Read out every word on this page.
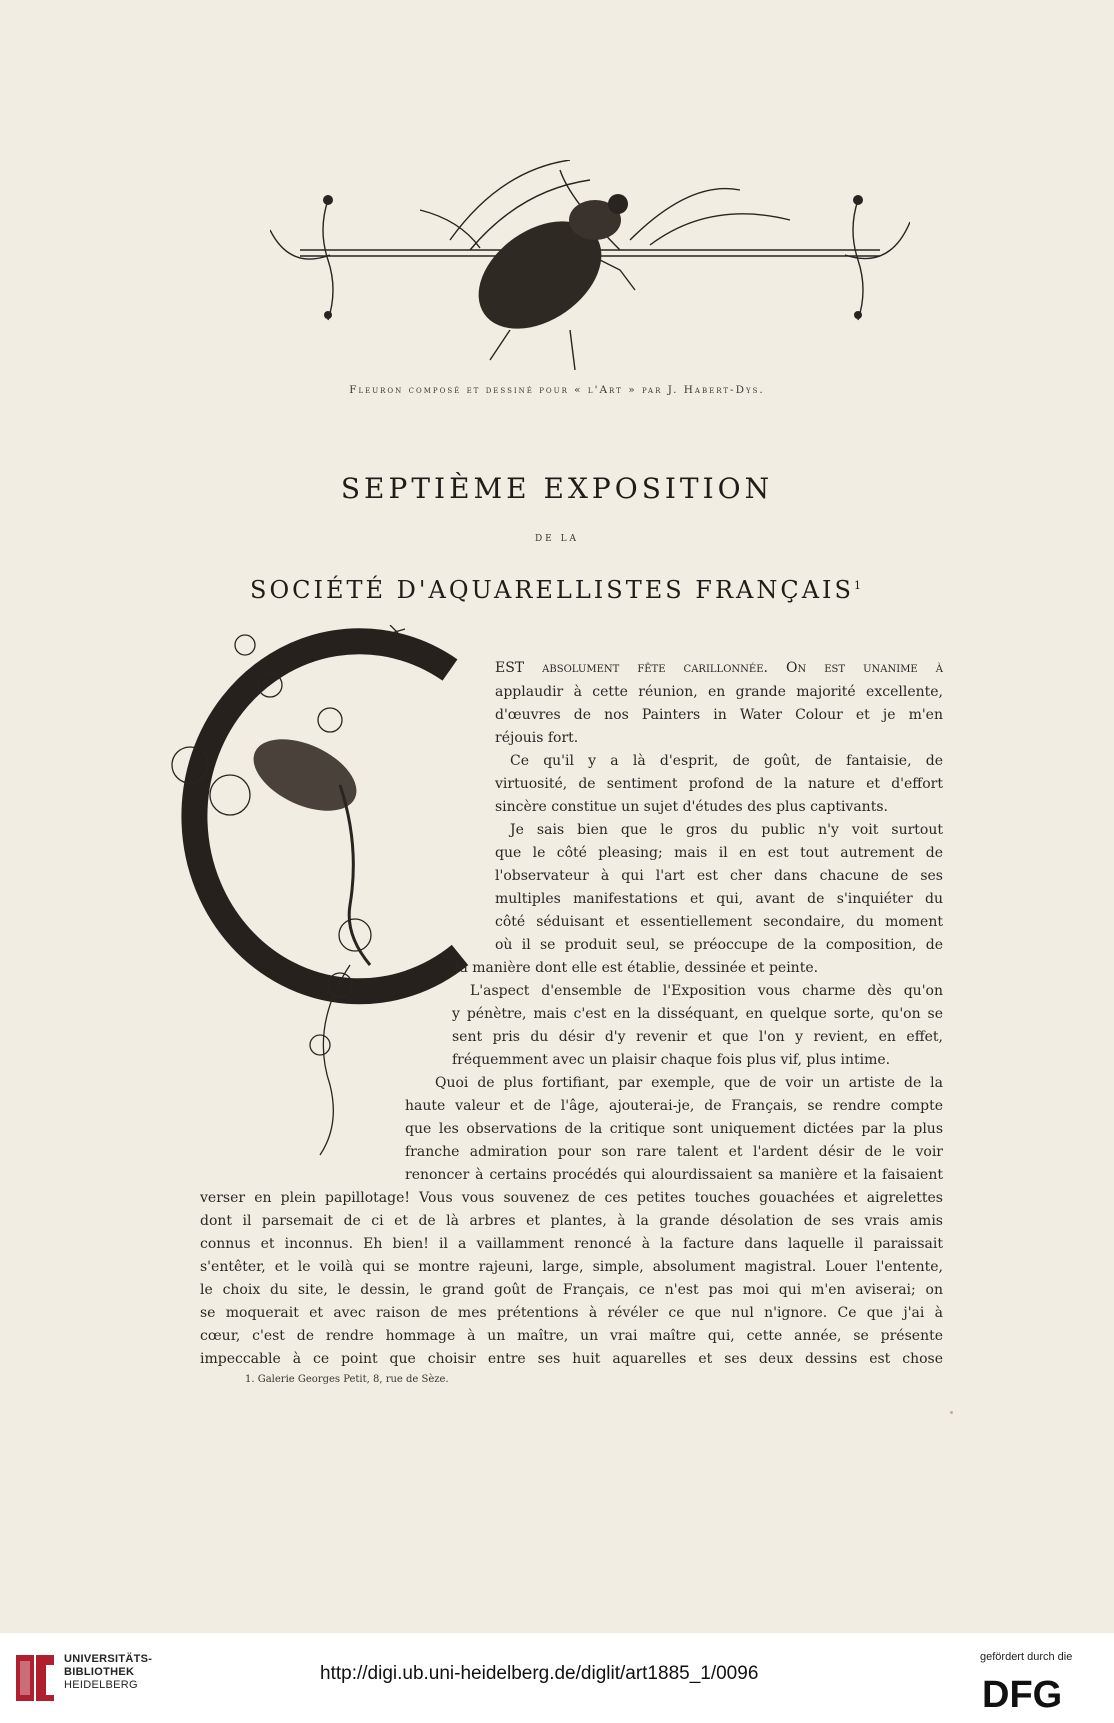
Fleuron composé et dessiné pour « l'Art » par J. Habert-Dys.
SEPTIÈME EXPOSITION
DE LA
SOCIÉTÉ D'AQUARELLISTES FRANÇAIS$^1$
EST absolument fête carillonnée. On est unanime à
applaudir à cette réunion, en grande majorité excellente,
d'œuvres de nos Painters in Water Colour et je m'en
réjouis fort.
Ce qu'il y a là d'esprit, de goût, de fantaisie, de
virtuosité, de sentiment profond de la nature et d'effort
sincère constitue un sujet d'études des plus captivants.
Je sais bien que le gros du public n'y voit surtout
que le côté pleasing; mais il en est tout autrement de
l'observateur à qui l'art est cher dans chacune de ses
multiples manifestations et qui, avant de s'inquiéter du
côté séduisant et essentiellement secondaire, du moment
où il se produit seul, se préoccupe de la composition, de
la manière dont elle est établie, dessinée et peinte.
L'aspect d'ensemble de l'Exposition vous charme dès qu'on
y pénètre, mais c'est en la disséquant, en quelque sorte, qu'on se
sent pris du désir d'y revenir et que l'on y revient, en effet,
fréquemment avec un plaisir chaque fois plus vif, plus intime.
Quoi de plus fortifiant, par exemple, que de voir un artiste de la
haute valeur et de l'âge, ajouterai-je, de Français, se rendre compte
que les observations de la critique sont uniquement dictées par la plus
franche admiration pour son rare talent et l'ardent désir de le voir
renoncer à certains procédés qui alourdissaient sa manière et la faisaient
verser en plein papillotage! Vous vous souvenez de ces petites touches gouachées et aigrelettes
dont il parsemait de ci et de là arbres et plantes, à la grande désolation de ses vrais amis
connus et inconnus. Eh bien! il a vaillamment renoncé à la facture dans laquelle il paraissait
s'entêter, et le voilà qui se montre rajeuni, large, simple, absolument magistral. Louer l'entente,
le choix du site, le dessin, le grand goût de Français, ce n'est pas moi qui m'en aviserai; on
se moquerait et avec raison de mes prétentions à révéler ce que nul n'ignore. Ce que j'ai à
cœur, c'est de rendre hommage à un maître, un vrai maître qui, cette année, se présente
impeccable à ce point que choisir entre ses huit aquarelles et ses deux dessins est chose
1. Galerie Georges Petit, 8, rue de Sèze.
UNIVERSITÄTS-
BIBLIOTHEK
HEIDELBERG
http://digi.ub.uni-heidelberg.de/diglit/art1885_1/0096
gefördert durch die
DFG
